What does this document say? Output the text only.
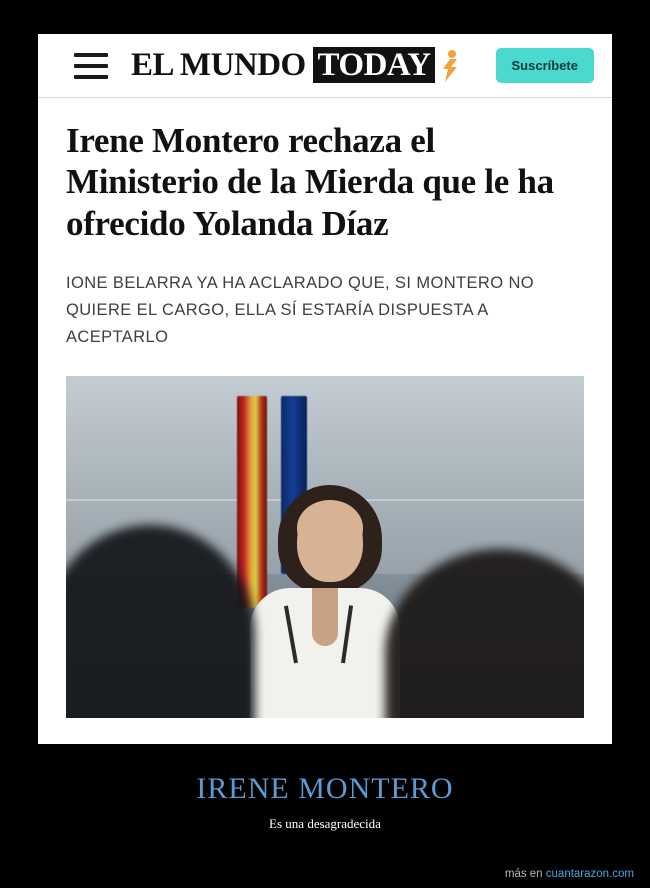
EL MUNDO TODAY	Suscríbete
Irene Montero rechaza el Ministerio de la Mierda que le ha ofrecido Yolanda Díaz

IONE BELARRA YA HA ACLARADO QUE, SI MONTERO NO QUIERE EL CARGO, ELLA SÍ ESTARÍA DISPUESTA A ACEPTARLO

IRENE MONTERO
Es una desagradecida
más en cuantarazon.com
